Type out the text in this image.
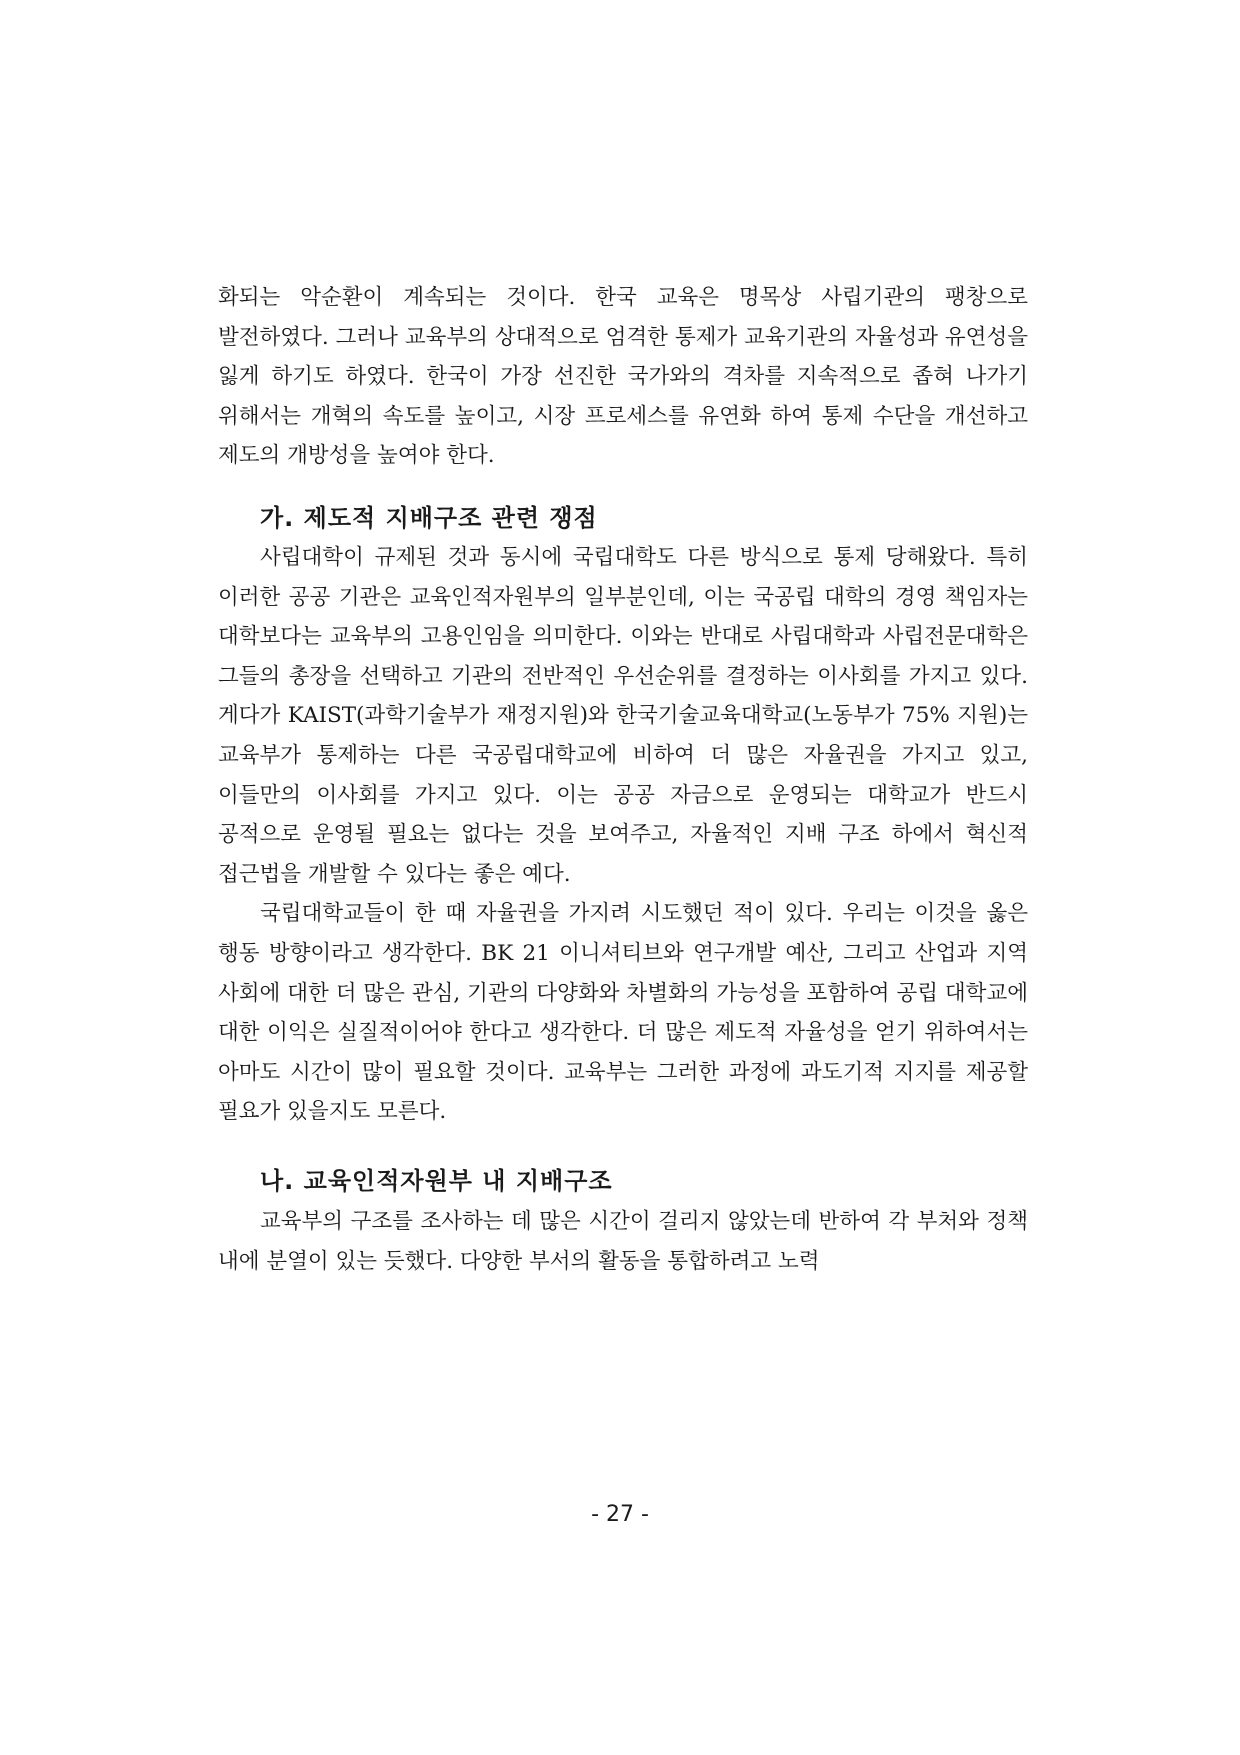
화되는 악순환이 계속되는 것이다. 한국 교육은 명목상 사립기관의 팽창으로 발전하였다. 그러나 교육부의 상대적으로 엄격한 통제가 교육기관의 자율성과 유연성을 잃게 하기도 하였다. 한국이 가장 선진한 국가와의 격차를 지속적으로 좁혀 나가기 위해서는 개혁의 속도를 높이고, 시장 프로세스를 유연화 하여 통제 수단을 개선하고 제도의 개방성을 높여야 한다.

가. 제도적 지배구조 관련 쟁점

사립대학이 규제된 것과 동시에 국립대학도 다른 방식으로 통제 당해왔다. 특히 이러한 공공 기관은 교육인적자원부의 일부분인데, 이는 국공립 대학의 경영 책임자는 대학보다는 교육부의 고용인임을 의미한다. 이와는 반대로 사립대학과 사립전문대학은 그들의 총장을 선택하고 기관의 전반적인 우선순위를 결정하는 이사회를 가지고 있다. 게다가 KAIST(과학기술부가 재정지원)와 한국기술교육대학교(노동부가 75% 지원)는 교육부가 통제하는 다른 국공립대학교에 비하여 더 많은 자율권을 가지고 있고, 이들만의 이사회를 가지고 있다. 이는 공공 자금으로 운영되는 대학교가 반드시 공적으로 운영될 필요는 없다는 것을 보여주고, 자율적인 지배 구조 하에서 혁신적 접근법을 개발할 수 있다는 좋은 예다.

국립대학교들이 한 때 자율권을 가지려 시도했던 적이 있다. 우리는 이것을 옳은 행동 방향이라고 생각한다. BK 21 이니셔티브와 연구개발 예산, 그리고 산업과 지역 사회에 대한 더 많은 관심, 기관의 다양화와 차별화의 가능성을 포함하여 공립 대학교에 대한 이익은 실질적이어야 한다고 생각한다. 더 많은 제도적 자율성을 얻기 위하여서는 아마도 시간이 많이 필요할 것이다. 교육부는 그러한 과정에 과도기적 지지를 제공할 필요가 있을지도 모른다.

나. 교육인적자원부 내 지배구조

교육부의 구조를 조사하는 데 많은 시간이 걸리지 않았는데 반하여 각 부처와 정책 내에 분열이 있는 듯했다. 다양한 부서의 활동을 통합하려고 노력

- 27 -
